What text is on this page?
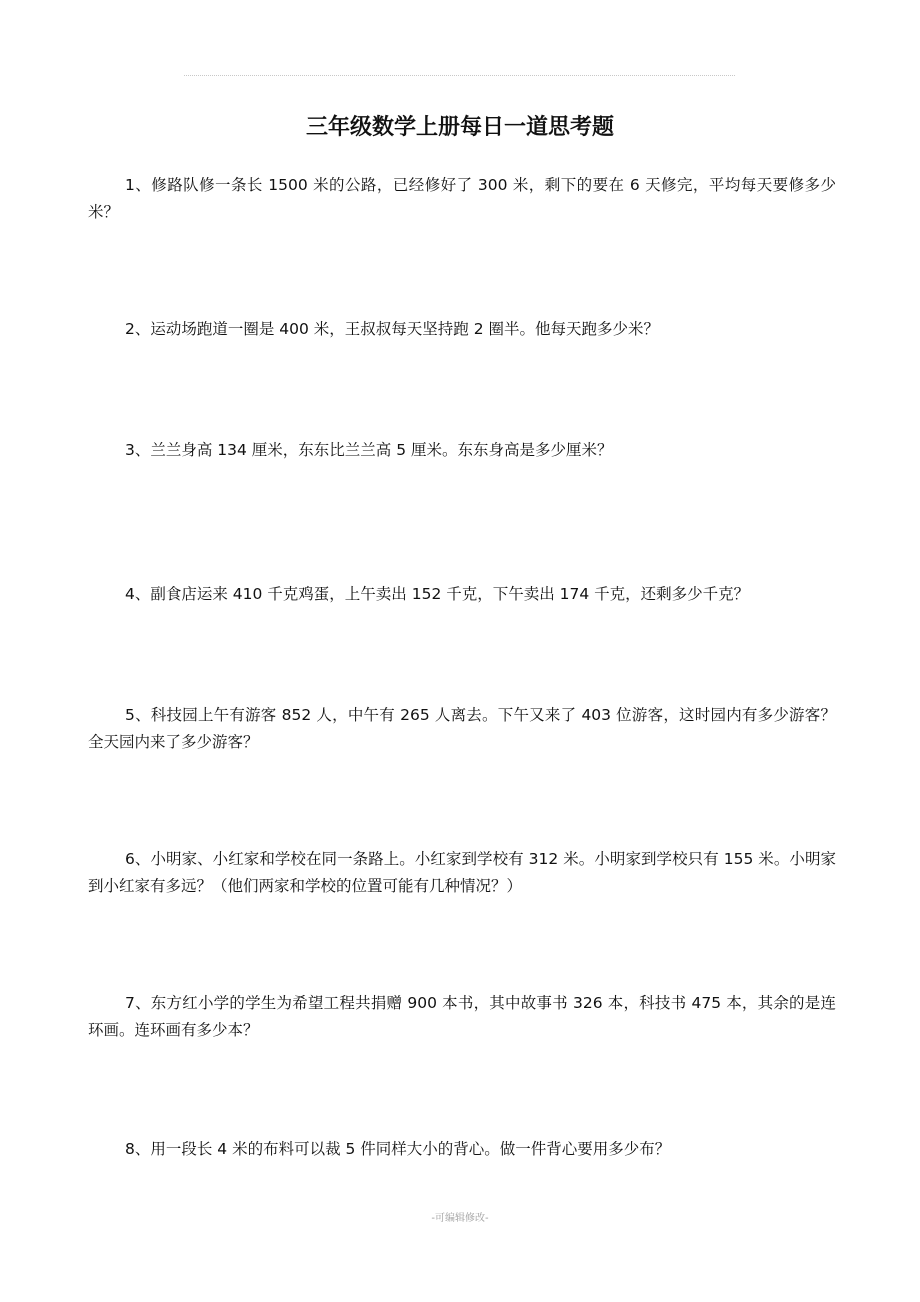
三年级数学上册每日一道思考题

1、修路队修一条长 1500 米的公路，已经修好了 300 米，剩下的要在 6 天修完，平均每天要修多少米？

2、运动场跑道一圈是 400 米，王叔叔每天坚持跑 2 圈半。他每天跑多少米？

3、兰兰身高 134 厘米，东东比兰兰高 5 厘米。东东身高是多少厘米？

4、副食店运来 410 千克鸡蛋，上午卖出 152 千克，下午卖出 174 千克，还剩多少千克？

5、科技园上午有游客 852 人，中午有 265 人离去。下午又来了 403 位游客，这时园内有多少游客？全天园内来了多少游客？

6、小明家、小红家和学校在同一条路上。小红家到学校有 312 米。小明家到学校只有 155 米。小明家到小红家有多远？（他们两家和学校的位置可能有几种情况？）

7、东方红小学的学生为希望工程共捐赠 900 本书，其中故事书 326 本，科技书 475 本，其余的是连环画。连环画有多少本？

8、用一段长 4 米的布料可以裁 5 件同样大小的背心。做一件背心要用多少布？

-可编辑修改-
